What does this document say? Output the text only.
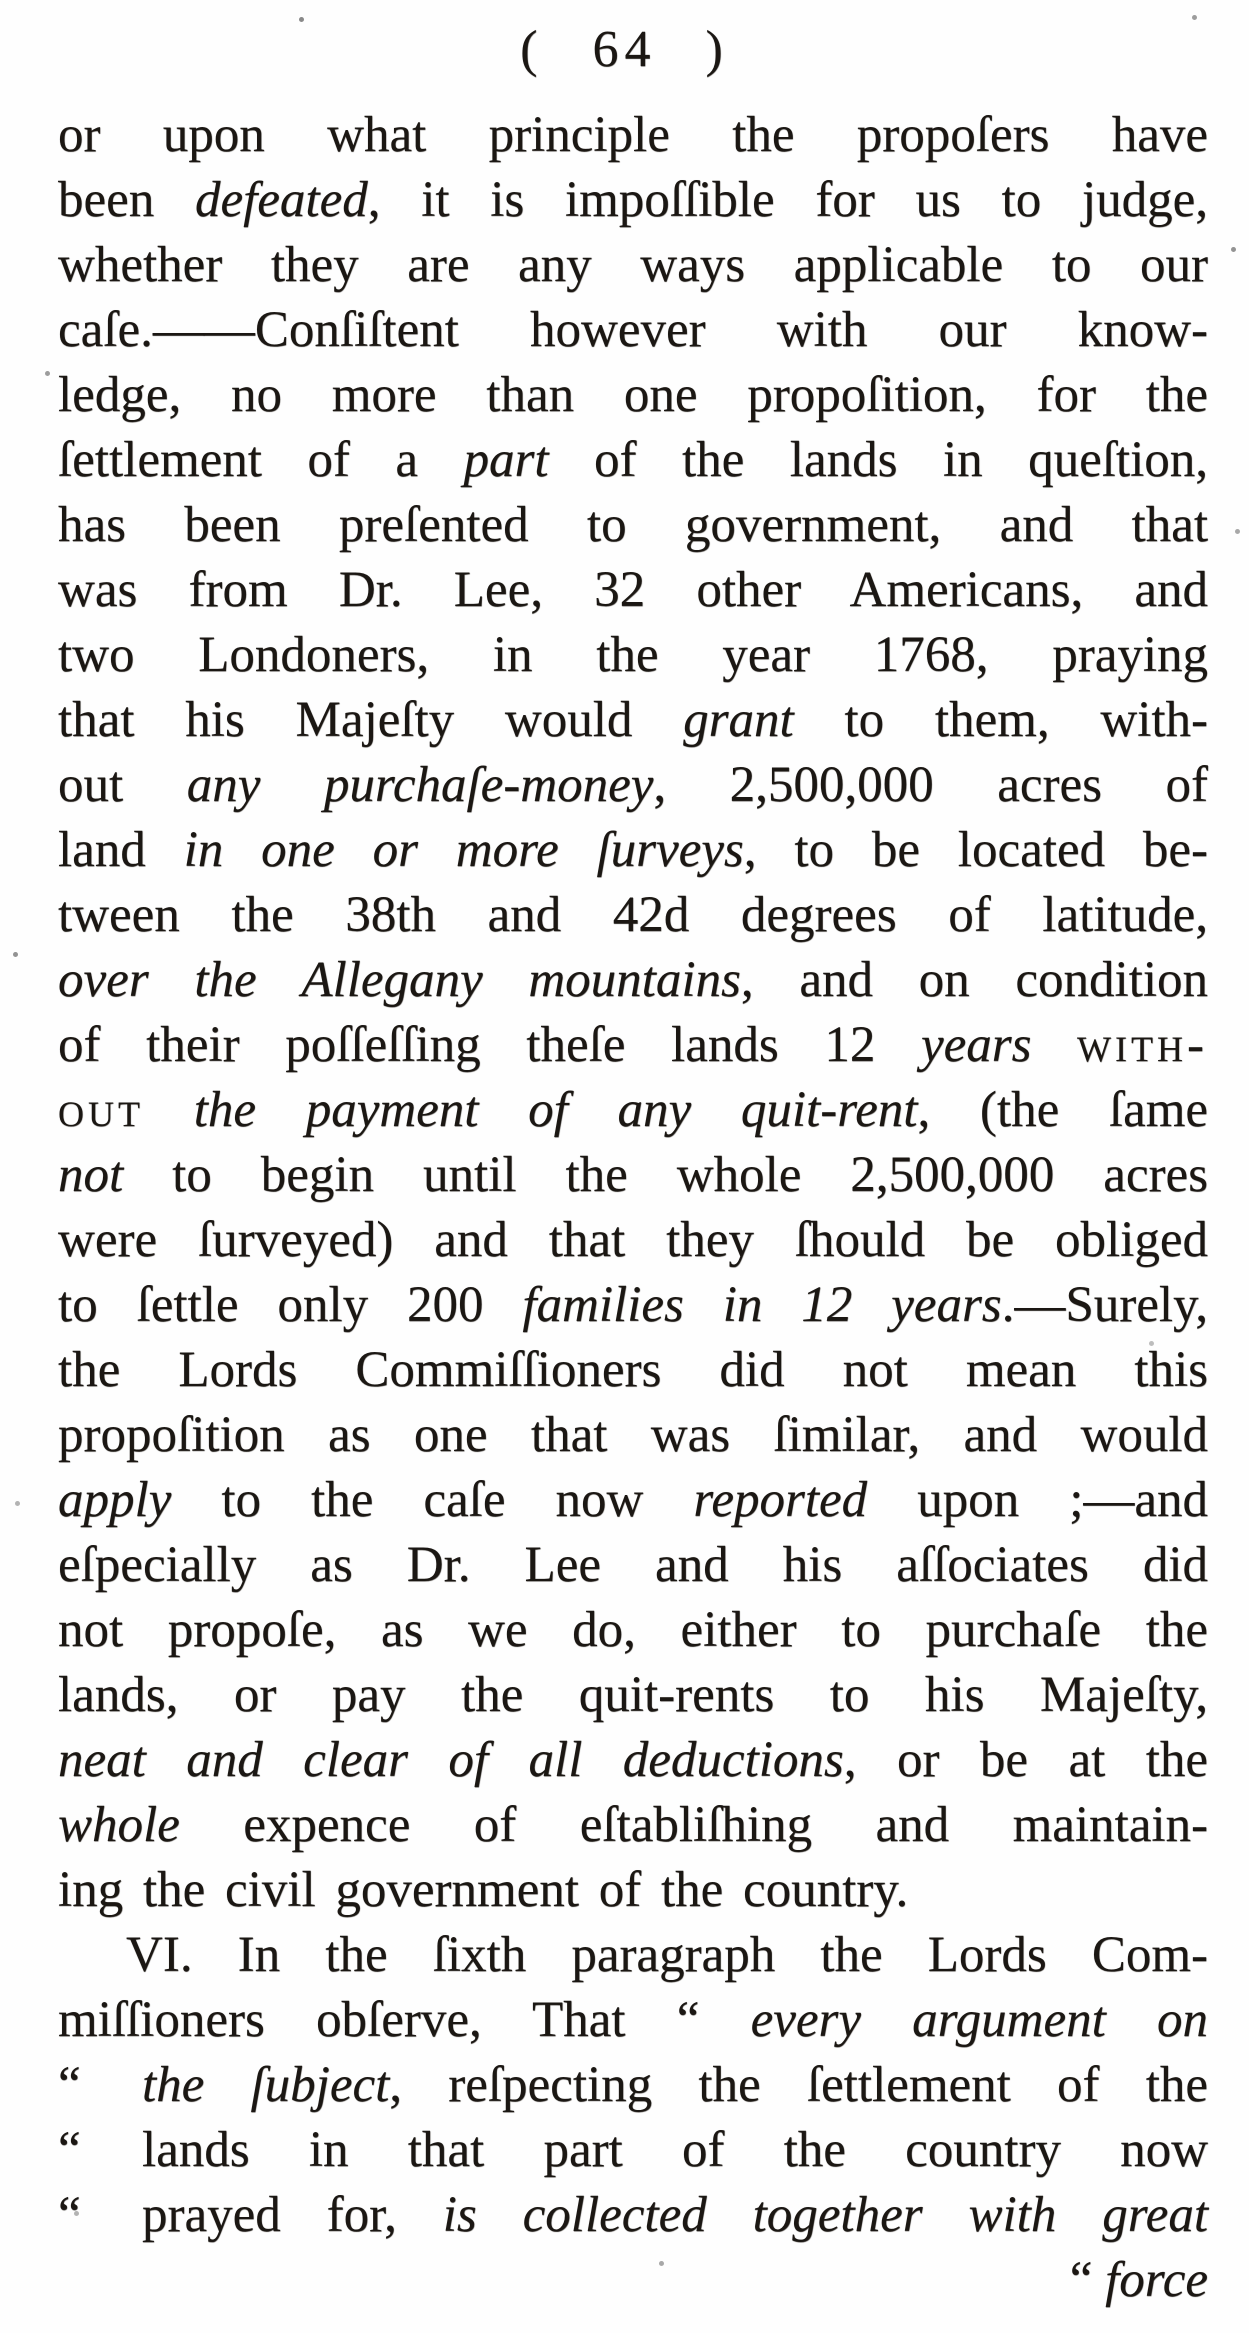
( 64 )
or upon what principle the propoſers have
been defeated, it is impoſſible for us to judge,
whether they are any ways applicable to our
caſe.——Conſiſtent however with our know-
ledge, no more than one propoſition, for the
ſettlement of a part of the lands in queſtion,
has been preſented to government, and that
was from Dr. Lee, 32 other Americans, and
two Londoners, in the year 1768, praying
that his Majeſty would grant to them, with-
out any purchaſe-money, 2,500,000 acres of
land in one or more ſurveys, to be located be-
tween the 38th and 42d degrees of latitude,
over the Allegany mountains, and on condition
of their poſſeſſing theſe lands 12 years with-
out the payment of any quit-rent, (the ſame
not to begin until the whole 2,500,000 acres
were ſurveyed) and that they ſhould be obliged
to ſettle only 200 families in 12 years.—Surely,
the Lords Commiſſioners did not mean this
propoſition as one that was ſimilar, and would
apply to the caſe now reported upon ;—and
eſpecially as Dr. Lee and his aſſociates did
not propoſe, as we do, either to purchaſe the
lands, or pay the quit-rents to his Majeſty,
neat and clear of all deductions, or be at the
whole expence of eſtabliſhing and maintain-
ing the civil government of the country.
VI. In the ſixth paragraph the Lords Com-
miſſioners obſerve, That “ every argument on
“ the ſubject, reſpecting the ſettlement of the
“ lands in that part of the country now
“ prayed for, is collected together with great
“ force
